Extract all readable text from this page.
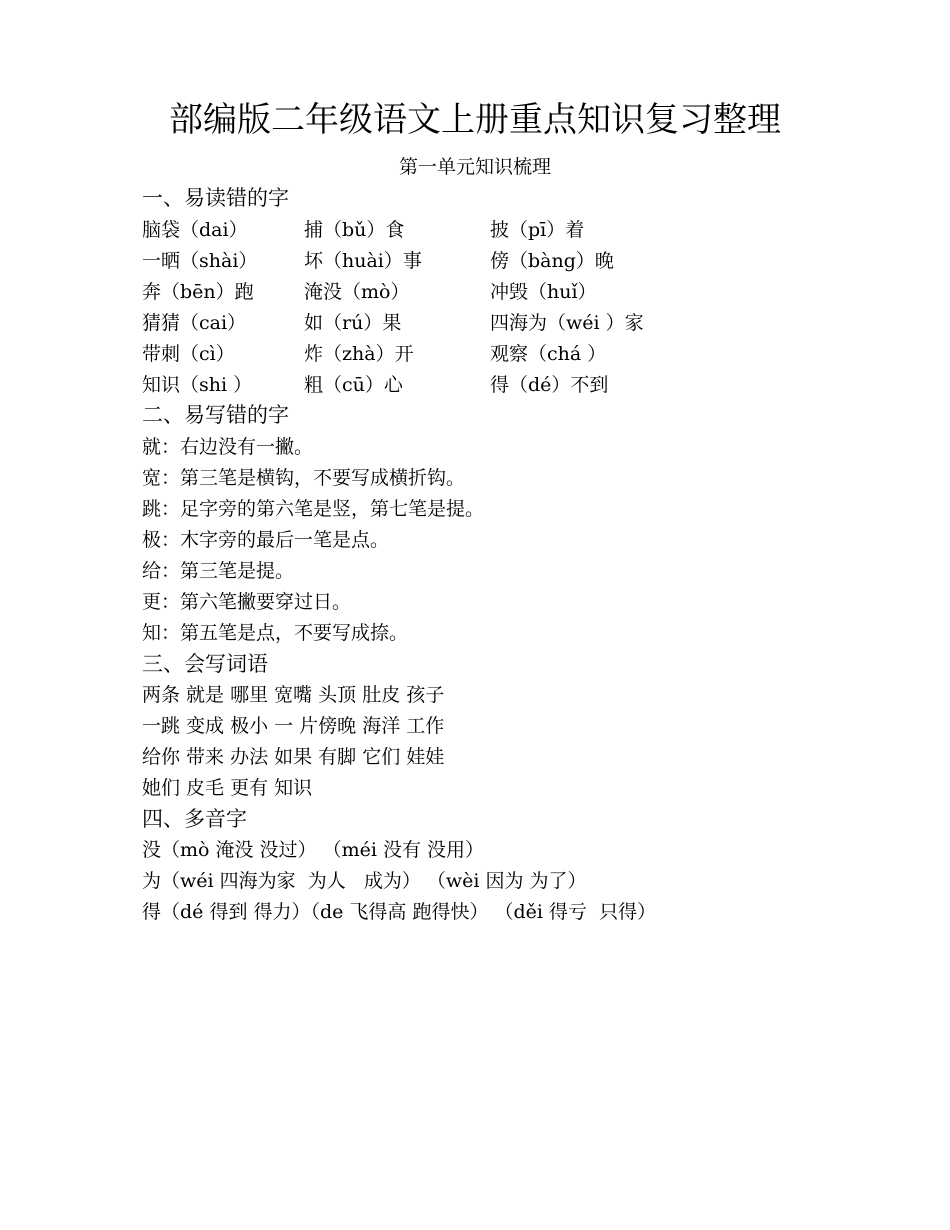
部编版二年级语文上册重点知识复习整理
第一单元知识梳理
一、易读错的字
脑袋（dai）	捕（bǔ）食	披（pī）着
一晒（shài） 坏（huài）事	傍（bàng）晚
奔（bēn）跑	淹没（mò）	冲毁（huǐ）
猜猜（cai）	如（rú）果	四海为（wéi ）家
带刺（cì）	炸（zhà）开	观察（chá ）
知识（shi ）	粗（cū）心	得（dé）不到
二、易写错的字
就：右边没有一撇。
宽：第三笔是横钩，不要写成横折钩。
跳：足字旁的第六笔是竖，第七笔是提。
极：木字旁的最后一笔是点。
给：第三笔是提。
更：第六笔撇要穿过日。
知：第五笔是点，不要写成捺。
三、会写词语
两条 就是 哪里 宽嘴 头顶 肚皮 孩子
一跳 变成 极小 一 片傍晚 海洋 工作
给你 带来 办法 如果 有脚 它们 娃娃
她们 皮毛 更有 知识
四、多音字
没（mò 淹没 没过） （méi 没有 没用）
为（wéi 四海为家  为人   成为） （wèi 因为 为了）
得（dé 得到 得力）（de 飞得高 跑得快） （děi 得亏  只得）
